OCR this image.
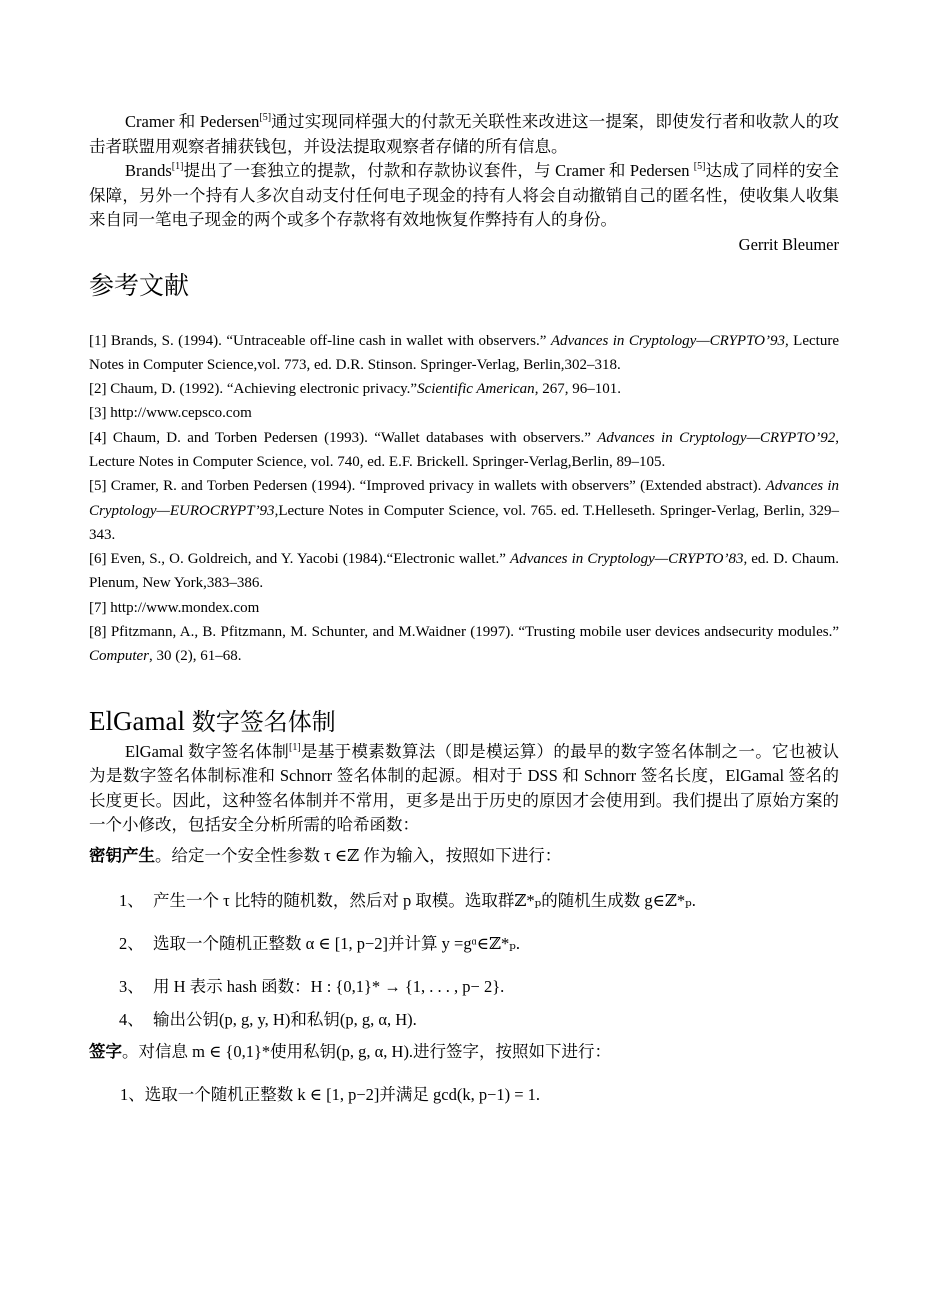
Cramer 和 Pedersen[5]通过实现同样强大的付款无关联性来改进这一提案，即使发行者和收款人的攻击者联盟用观察者捕获钱包，并设法提取观察者存储的所有信息。

Brands[1]提出了一套独立的提款，付款和存款协议套件，与 Cramer 和 Pedersen [5]达成了同样的安全保障，另外一个持有人多次自动支付任何电子现金的持有人将会自动撤销自己的匿名性，使收集人收集来自同一笔电子现金的两个或多个存款将有效地恢复作弊持有人的身份。

Gerrit Bleumer

参考文献

[1] Brands, S. (1994). “Untraceable off-line cash in wallet with observers.” Advances in Cryptology—CRYPTO’93, Lecture Notes in Computer Science,vol. 773, ed. D.R. Stinson. Springer-Verlag, Berlin,302–318.

[2] Chaum, D. (1992). “Achieving electronic privacy.”Scientific American, 267, 96–101.

[3] http://www.cepsco.com

[4] Chaum, D. and Torben Pedersen (1993). “Wallet databases with observers.” Advances in Cryptology—CRYPTO’92, Lecture Notes in Computer Science, vol. 740, ed. E.F. Brickell. Springer-Verlag,Berlin, 89–105.

[5] Cramer, R. and Torben Pedersen (1994). “Improved privacy in wallets with observers” (Extended abstract). Advances in Cryptology—EUROCRYPT’93,Lecture Notes in Computer Science, vol. 765. ed. T.Helleseth. Springer-Verlag, Berlin, 329–343.

[6] Even, S., O. Goldreich, and Y. Yacobi (1984).“Electronic wallet.” Advances in Cryptology—CRYPTO’83, ed. D. Chaum. Plenum, New York,383–386.

[7] http://www.mondex.com

[8] Pfitzmann, A., B. Pfitzmann, M. Schunter, and M.Waidner (1997). “Trusting mobile user devices andsecurity modules.” Computer, 30 (2), 61–68.

ElGamal 数字签名体制

ElGamal 数字签名体制[1]是基于模素数算法（即是模运算）的最早的数字签名体制之一。它也被认为是数字签名体制标准和 Schnorr 签名体制的起源。相对于 DSS 和 Schnorr 签名长度，ElGamal 签名的长度更长。因此，这种签名体制并不常用，更多是出于历史的原因才会使用到。我们提出了原始方案的一个小修改，包括安全分析所需的哈希函数：

密钥产生。给定一个安全性参数 τ ∈ℤ 作为输入，按照如下进行：

1、 产生一个 τ 比特的随机数，然后对 p 取模。选取群ℤ*ₚ的随机生成数 g∈ℤ*ₚ.

2、 选取一个随机正整数 α ∈ [1, p−2]并计算 y =gᵅ∈ℤ*ₚ.

3、 用 H 表示 hash 函数：H : {0,1}* → {1, . . . , p− 2}.

4、 输出公钥(p, g, y, H)和私钥(p, g, α, H).

签字。对信息 m ∈ {0,1}*使用私钥(p, g, α, H).进行签字，按照如下进行：

1、选取一个随机正整数 k ∈ [1, p−2]并满足 gcd(k, p−1) = 1.
